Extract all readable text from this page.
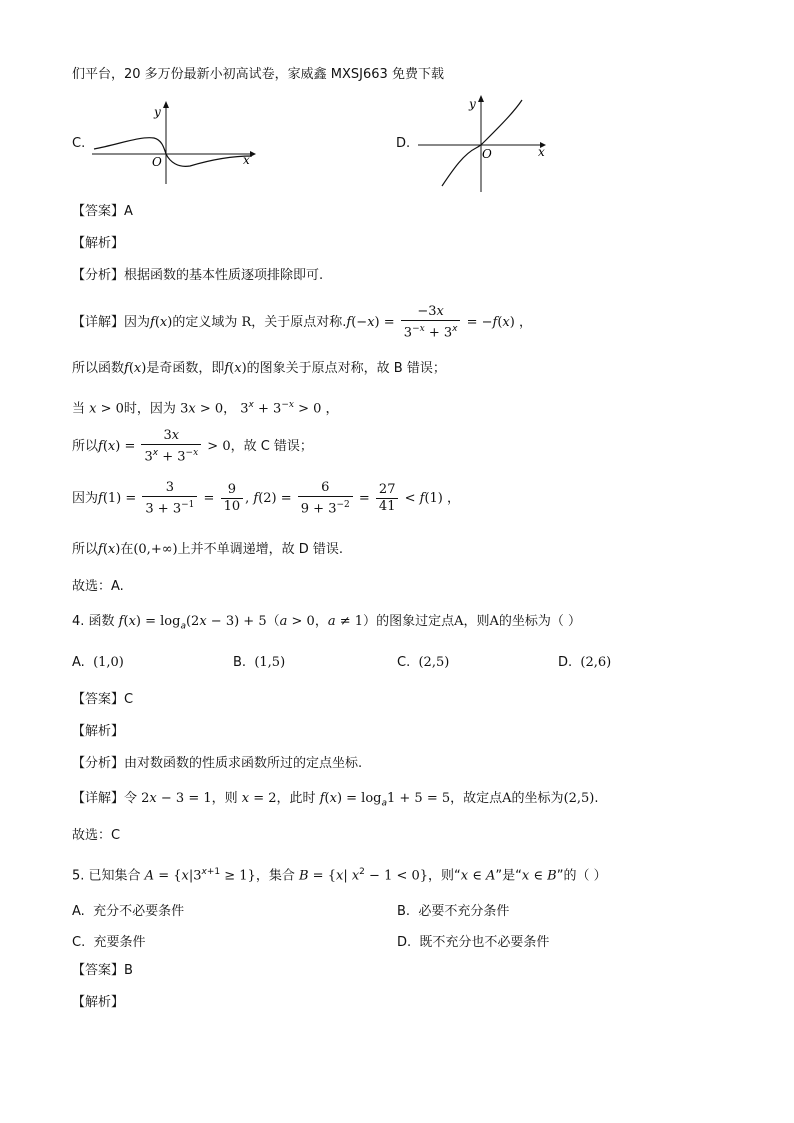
们平台，20 多万份最新小初高试卷，家威鑫 MXSJ663 免费下载
C.
y
O	x
D.
y
O	x
【答案】A
【解析】
【分析】根据函数的基本性质逐项排除即可.
【详解】因为f(x)的定义域为 R，关于原点对称$.f(-x) = \frac{-3x}{3^{-x} + 3^x} = -f(x)$ ，
所以函数f(x)是奇函数，即f(x)的图象关于原点对称，故 B 错误；
当 x > 0时，因为 3x > 0， $3^x + 3^{-x} > 0$ ，
所以$f(x) = \frac{3x}{3^x + 3^{-x}} > 0$，故 C 错误；
因为$f(1) = \frac{3}{3 + 3^{-1}} = \frac{9}{10}$ , $f(2) = \frac{6}{9 + 3^{-2}} = \frac{27}{41} < f(1)$ ，
所以f(x)在(0,+∞)上并不单调递增，故 D 错误.
故选：A.
4. 函数 $f(x) = \log_a(2x - 3) + 5(a > 0$，a ≠ 1）的图象过定点A，则A的坐标为（ ）
A. (1,0)	B. (1,5)	C. (2,5)	D. (2,6)
【答案】C
【解析】
【分析】由对数函数的性质求函数所过的定点坐标.
【详解】令 2x − 3 = 1，则 x = 2，此时 $f(x) = \log_a1 + 5 = 5$，故定点A的坐标为(2,5).
故选：C
5. 已知集合 $A = \{x|3^{x+1} \ge 1\}$，集合 B = {x| $x^2 - 1 < 0$}，则“x ∈ A”是“x ∈ B”的（ ）
A. 充分不必要条件	B. 必要不充分条件
C. 充要条件	D. 既不充分也不必要条件
【答案】B
【解析】
